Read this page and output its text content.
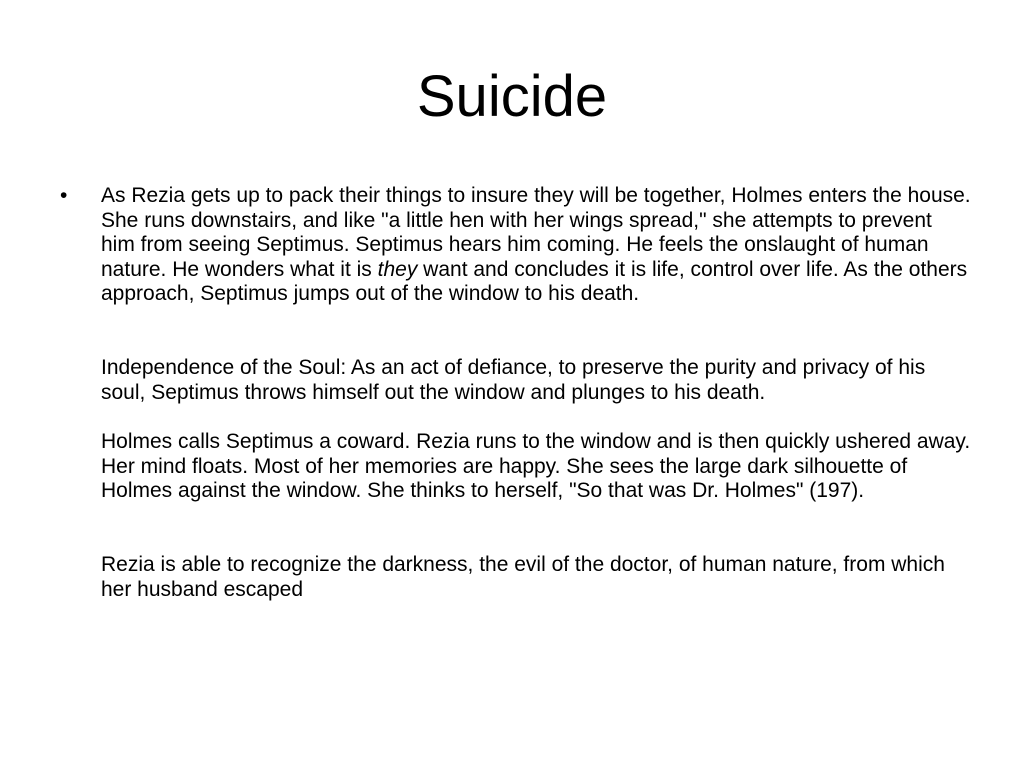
Suicide
• As Rezia gets up to pack their things to insure they will be together, Holmes enters the house. She runs downstairs, and like "a little hen with her wings spread," she attempts to prevent him from seeing Septimus. Septimus hears him coming. He feels the onslaught of human nature. He wonders what it is they want and concludes it is life, control over life. As the others approach, Septimus jumps out of the window to his death.

Independence of the Soul: As an act of defiance, to preserve the purity and privacy of his soul, Septimus throws himself out the window and plunges to his death.

Holmes calls Septimus a coward. Rezia runs to the window and is then quickly ushered away. Her mind floats. Most of her memories are happy. She sees the large dark silhouette of Holmes against the window. She thinks to herself, "So that was Dr. Holmes" (197).

Rezia is able to recognize the darkness, the evil of the doctor, of human nature, from which her husband escaped
